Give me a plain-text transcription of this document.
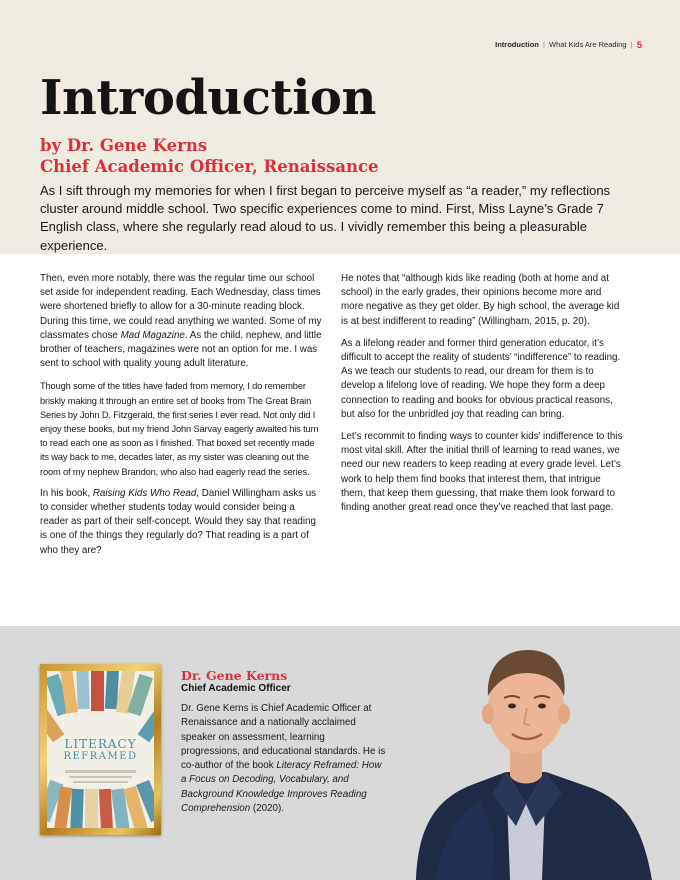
Introduction | What Kids Are Reading | 5
Introduction
by Dr. Gene Kerns
Chief Academic Officer, Renaissance

As I sift through my memories for when I first began to perceive myself as “a reader,” my reflections cluster around middle school. Two specific experiences come to mind. First, Miss Layne’s Grade 7 English class, where she regularly read aloud to us. I vividly remember this being a pleasurable experience.

Then, even more notably, there was the regular time our school set aside for independent reading. Each Wednesday, class times were shortened briefly to allow for a 30-minute reading block. During this time, we could read anything we wanted. Some of my classmates chose Mad Magazine. As the child, nephew, and little brother of teachers, magazines were not an option for me. I was sent to school with quality young adult literature.

Though some of the titles have faded from memory, I do remember briskly making it through an entire set of books from The Great Brain Series by John D. Fitzgerald, the first series I ever read. Not only did I enjoy these books, but my friend John Sarvay eagerly awaited his turn to read each one as soon as I finished. That boxed set recently made its way back to me, decades later, as my sister was cleaning out the room of my nephew Brandon, who also had eagerly read the series.

In his book, Raising Kids Who Read, Daniel Willingham asks us to consider whether students today would consider being a reader as part of their self-concept. Would they say that reading is one of the things they regularly do? That reading is a part of who they are?

He notes that “although kids like reading (both at home and at school) in the early grades, their opinions become more and more negative as they get older. By high school, the average kid is at best indifferent to reading” (Willingham, 2015, p. 20).

As a lifelong reader and former third generation educator, it’s difficult to accept the reality of students’ “indifference” to reading. As we teach our students to read, our dream for them is to develop a lifelong love of reading. We hope they form a deep connection to reading and books for obvious practical reasons, but also for the unbridled joy that reading can bring.

Let’s recommit to finding ways to counter kids’ indifference to this most vital skill. After the initial thrill of learning to read wanes, we need our new readers to keep reading at every grade level. Let’s work to help them find books that interest them, that intrigue them, that keep them guessing, that make them look forward to finding another great read once they’ve reached that last page.

LITERACY
REFRAMED
Dr. Gene Kerns
Chief Academic Officer

Dr. Gene Kerns is Chief Academic Officer at Renaissance and a nationally acclaimed speaker on assessment, learning progressions, and educational standards. He is co-author of the book Literacy Reframed: How a Focus on Decoding, Vocabulary, and Background Knowledge Improves Reading Comprehension (2020).
